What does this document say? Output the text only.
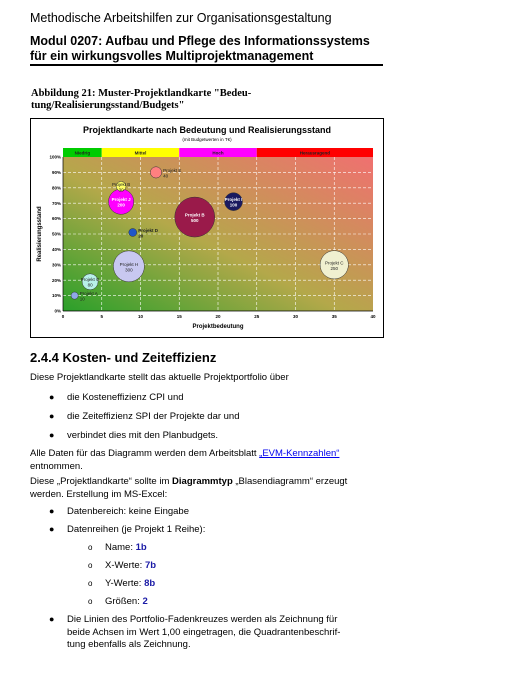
Methodische Arbeitshilfen zur Organisationsgestaltung
Modul 0207: Aufbau und Pflege des Informationssystems
für ein wirkungsvolles Multiprojektmanagement
Abbildung 21: Muster-Projektlandkarte "Bedeu-
tung/Realisierungsstand/Budgets"
Projektlandkarte nach Bedeutung und Realisierungsstand
(mit Budgetwerten in T€)
Niedrig	Mittel	Hoch	Herausragend
0	5	10	15	20	25	30	35	40
0%
10%
20%
30%
40%
50%
60%
70%
80%
90%
100%
Projekt A
10
Projekt G
80
Projekt H
300
Projekt D
20
Projekt J
200
Projekt B
30
Projekt E
40
Projekt B
500
Projekt I
100
Projekt C
250
Projektbedeutung
Realisierungsstand
2.4.4 Kosten- und Zeiteffizienz
Diese Projektlandkarte stellt das aktuelle Projektportfolio über
● die Kosteneffizienz CPI und
● die Zeiteffizienz SPI der Projekte dar und
● verbindet dies mit den Planbudgets.
Alle Daten für das Diagramm werden dem Arbeitsblatt „EVM-Kennzahlen“
entnommen.
Diese „Projektlandkarte“ sollte im Diagrammtyp „Blasendiagramm“ erzeugt
werden. Erstellung im MS-Excel:
● Datenbereich: keine Eingabe
● Datenreihen (je Projekt 1 Reihe):
o Name: 1b
o X-Werte: 7b
o Y-Werte: 8b
o Größen: 2
● Die Linien des Portfolio-Fadenkreuzes werden als Zeichnung für
beide Achsen im Wert 1,00 eingetragen, die Quadrantenbeschrif-
tung ebenfalls als Zeichnung.
